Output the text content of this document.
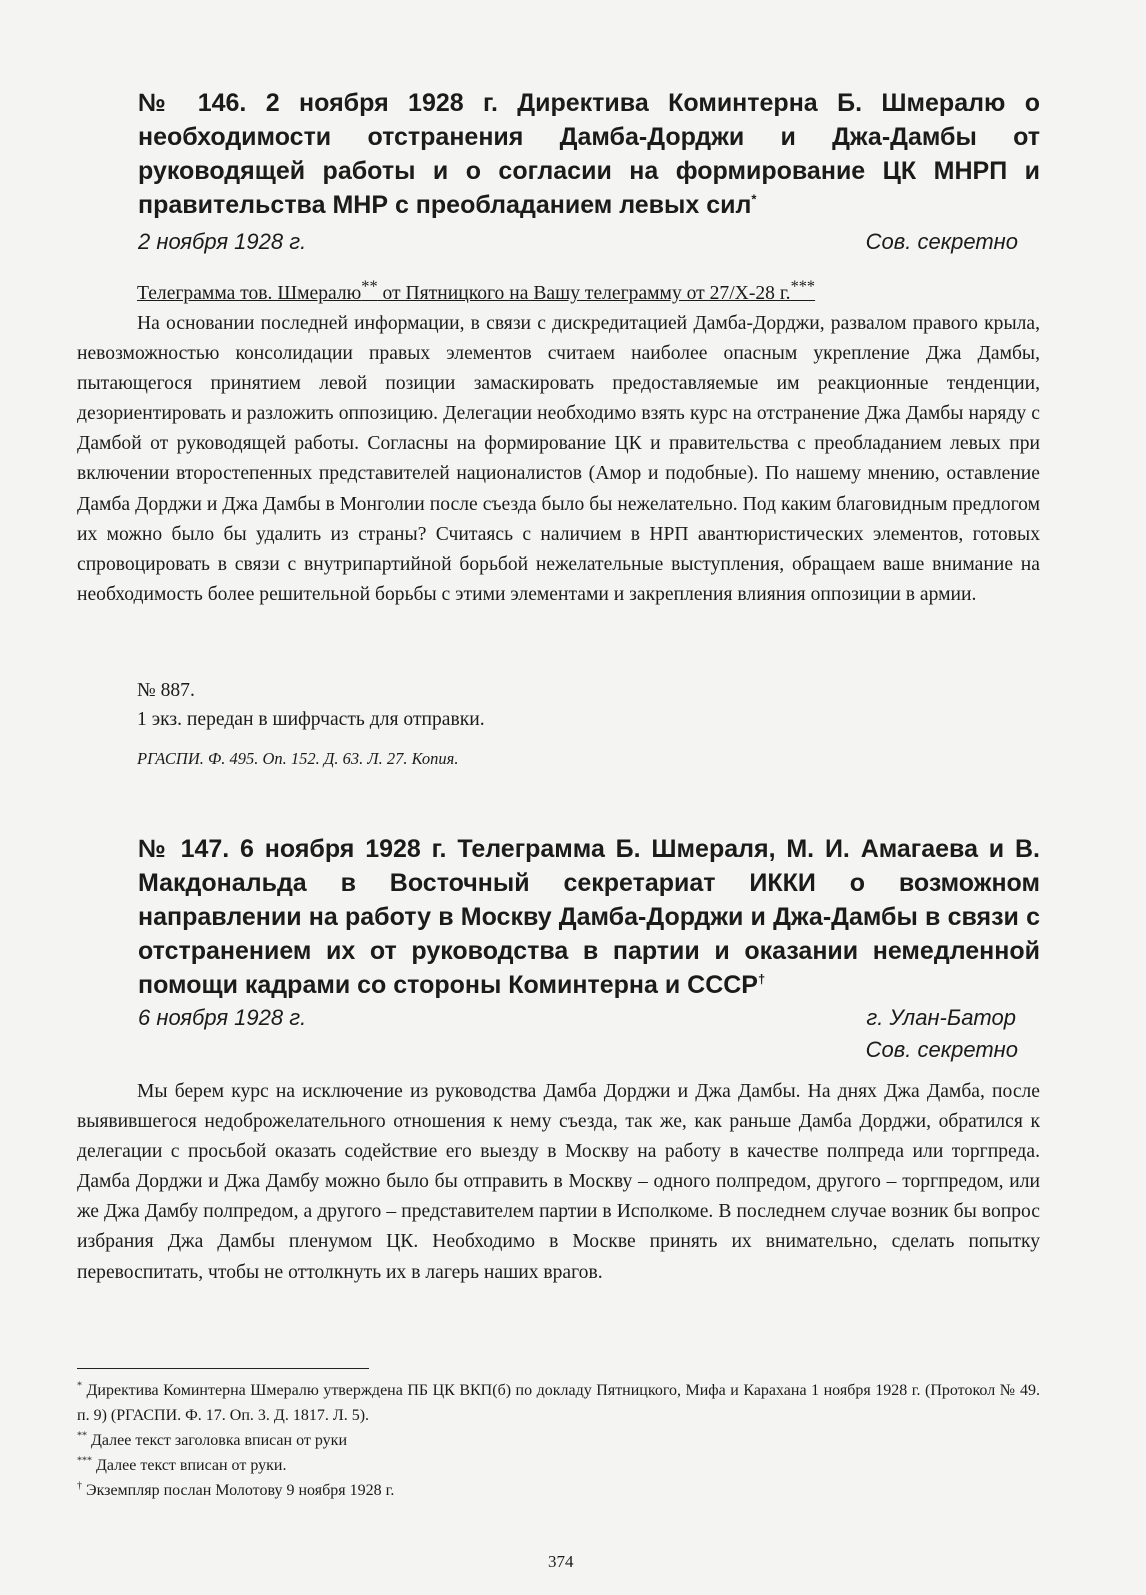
№ 146. 2 ноября 1928 г. Директива Коминтерна Б. Шмералю о необходимости отстранения Дамба-Дорджи и Джа-Дамбы от руководящей работы и о согласии на формирование ЦК МНРП и правительства МНР с преобладанием левых сил*
2 ноября 1928 г.	Сов. секретно
Телеграмма тов. Шмералю** от Пятницкого на Вашу телеграмму от 27/X-28 г.***

На основании последней информации, в связи с дискредитацией Дамба-Дорджи, развалом правого крыла, невозможностью консолидации правых элементов считаем наиболее опасным укрепление Джа Дамбы, пытающегося принятием левой позиции замаскировать предоставляемые им реакционные тенденции, дезориентировать и разложить оппозицию. Делегации необходимо взять курс на отстранение Джа Дамбы наряду с Дамбой от руководящей работы. Согласны на формирование ЦК и правительства с преобладанием левых при включении второстепенных представителей националистов (Амор и подобные). По нашему мнению, оставление Дамба Дорджи и Джа Дамбы в Монголии после съезда было бы нежелательно. Под каким благовидным предлогом их можно было бы удалить из страны? Считаясь с наличием в НРП авантюристических элементов, готовых спровоцировать в связи с внутрипартийной борьбой нежелательные выступления, обращаем ваше внимание на необходимость более решительной борьбы с этими элементами и закрепления влияния оппозиции в армии.

№ 887.
1 экз. передан в шифрчасть для отправки.
РГАСПИ. Ф. 495. Оп. 152. Д. 63. Л. 27. Копия.
№ 147. 6 ноября 1928 г. Телеграмма Б. Шмераля, М. И. Амагаева и В. Макдональда в Восточный секретариат ИККИ о возможном направлении на работу в Москву Дамба-Дорджи и Джа-Дамбы в связи с отстранением их от руководства в партии и оказании немедленной помощи кадрами со стороны Коминтерна и СССР†
6 ноября 1928 г.	г. Улан-Батор
Сов. секретно

Мы берем курс на исключение из руководства Дамба Дорджи и Джа Дамбы. На днях Джа Дамба, после выявившегося недоброжелательного отношения к нему съезда, так же, как раньше Дамба Дорджи, обратился к делегации с просьбой оказать содействие его выезду в Москву на работу в качестве полпреда или торгпреда. Дамба Дорджи и Джа Дамбу можно было бы отправить в Москву – одного полпредом, другого – торгпредом, или же Джа Дамбу полпредом, а другого – представителем партии в Исполкоме. В последнем случае возник бы вопрос избрания Джа Дамбы пленумом ЦК. Необходимо в Москве принять их внимательно, сделать попытку перевоспитать, чтобы не оттолкнуть их в лагерь наших врагов.

* Директива Коминтерна Шмералю утверждена ПБ ЦК ВКП(б) по докладу Пятницкого, Мифа и Карахана 1 ноября 1928 г. (Протокол № 49. п. 9) (РГАСПИ. Ф. 17. Оп. 3. Д. 1817. Л. 5).

** Далее текст заголовка вписан от руки

*** Далее текст вписан от руки.

† Экземпляр послан Молотову 9 ноября 1928 г.

374
